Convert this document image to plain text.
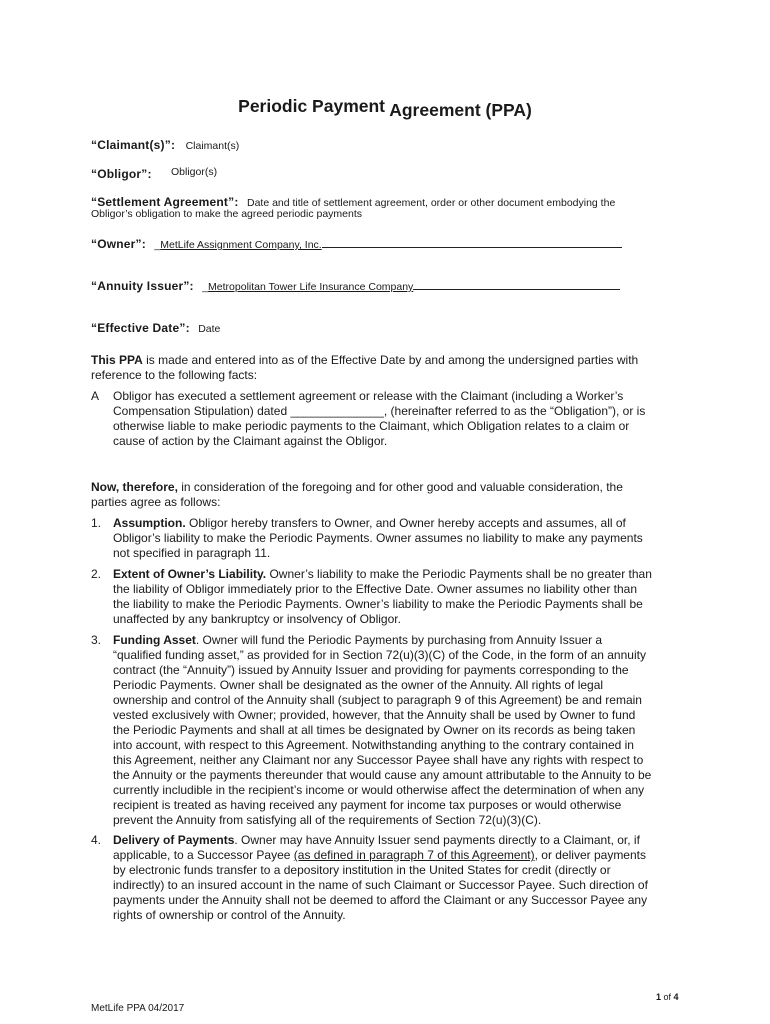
Periodic Payment Agreement (PPA)
“Claimant(s)”: Claimant(s)
“Obligor”: Obligor(s)
“Settlement Agreement”: Date and title of settlement agreement, order or other document embodying the
Obligor’s obligation to make the agreed periodic payments
“Owner”: _MetLife Assignment Company, Inc.
“Annuity Issuer”: _Metropolitan Tower Life Insurance Company
“Effective Date”: Date
This PPA is made and entered into as of the Effective Date by and among the undersigned parties with
reference to the following facts:
A Obligor has executed a settlement agreement or release with the Claimant (including a Worker’s
Compensation Stipulation) dated ______________, (hereinafter referred to as the “Obligation”), or is
otherwise liable to make periodic payments to the Claimant, which Obligation relates to a claim or
cause of action by the Claimant against the Obligor.
Now, therefore, in consideration of the foregoing and for other good and valuable consideration, the
parties agree as follows:
1. Assumption. Obligor hereby transfers to Owner, and Owner hereby accepts and assumes, all of
Obligor’s liability to make the Periodic Payments. Owner assumes no liability to make any payments
not specified in paragraph 11.
2. Extent of Owner’s Liability. Owner’s liability to make the Periodic Payments shall be no greater than
the liability of Obligor immediately prior to the Effective Date. Owner assumes no liability other than
the liability to make the Periodic Payments. Owner’s liability to make the Periodic Payments shall be
unaffected by any bankruptcy or insolvency of Obligor.
3. Funding Asset. Owner will fund the Periodic Payments by purchasing from Annuity Issuer a
“qualified funding asset,” as provided for in Section 72(u)(3)(C) of the Code, in the form of an annuity
contract (the “Annuity”) issued by Annuity Issuer and providing for payments corresponding to the
Periodic Payments. Owner shall be designated as the owner of the Annuity. All rights of legal
ownership and control of the Annuity shall (subject to paragraph 9 of this Agreement) be and remain
vested exclusively with Owner; provided, however, that the Annuity shall be used by Owner to fund
the Periodic Payments and shall at all times be designated by Owner on its records as being taken
into account, with respect to this Agreement. Notwithstanding anything to the contrary contained in
this Agreement, neither any Claimant nor any Successor Payee shall have any rights with respect to
the Annuity or the payments thereunder that would cause any amount attributable to the Annuity to be
currently includible in the recipient’s income or would otherwise affect the determination of when any
recipient is treated as having received any payment for income tax purposes or would otherwise
prevent the Annuity from satisfying all of the requirements of Section 72(u)(3)(C).
4. Delivery of Payments. Owner may have Annuity Issuer send payments directly to a Claimant, or, if
applicable, to a Successor Payee (as defined in paragraph 7 of this Agreement), or deliver payments
by electronic funds transfer to a depository institution in the United States for credit (directly or
indirectly) to an insured account in the name of such Claimant or Successor Payee. Such direction of
payments under the Annuity shall not be deemed to afford the Claimant or any Successor Payee any
rights of ownership or control of the Annuity.
1 of 4
MetLife PPA 04/2017
